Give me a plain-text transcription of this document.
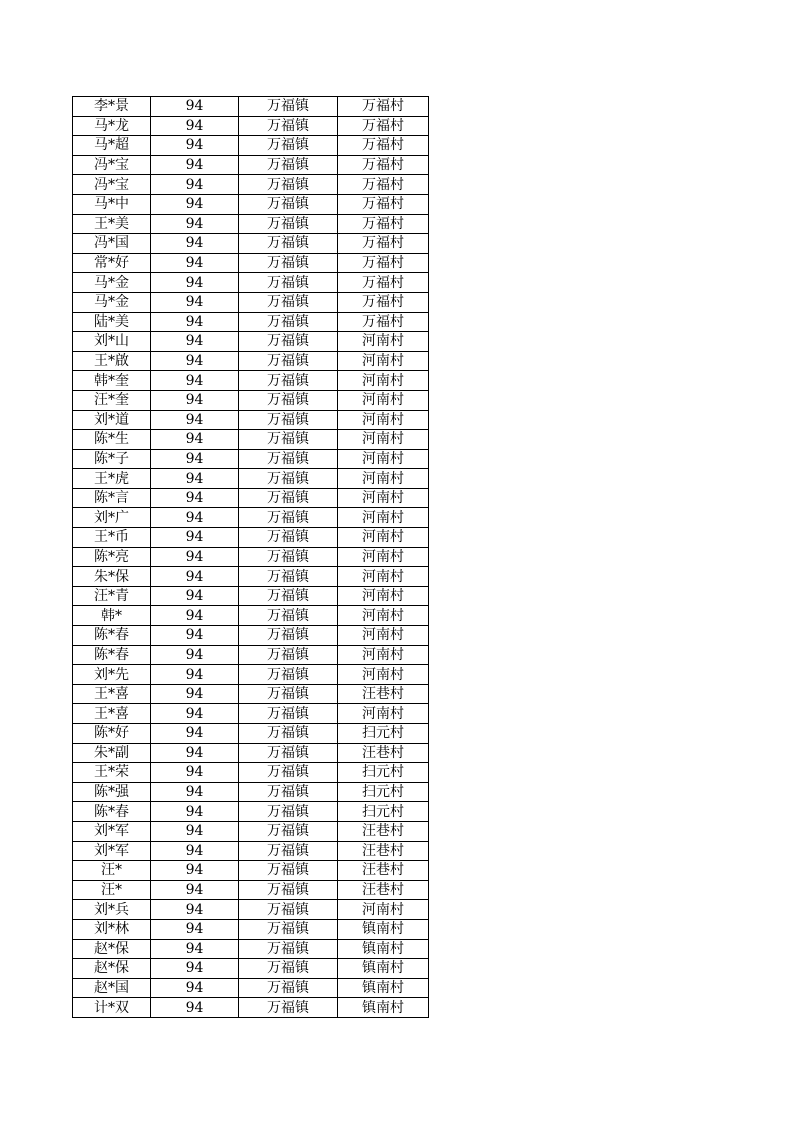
李*景	94	万福镇	万福村
马*龙	94	万福镇	万福村
马*超	94	万福镇	万福村
冯*宝	94	万福镇	万福村
冯*宝	94	万福镇	万福村
马*中	94	万福镇	万福村
王*美	94	万福镇	万福村
冯*国	94	万福镇	万福村
常*好	94	万福镇	万福村
马*金	94	万福镇	万福村
马*金	94	万福镇	万福村
陆*美	94	万福镇	万福村
刘*山	94	万福镇	河南村
王*啟	94	万福镇	河南村
韩*奎	94	万福镇	河南村
汪*奎	94	万福镇	河南村
刘*道	94	万福镇	河南村
陈*生	94	万福镇	河南村
陈*子	94	万福镇	河南村
王*虎	94	万福镇	河南村
陈*言	94	万福镇	河南村
刘*广	94	万福镇	河南村
王*币	94	万福镇	河南村
陈*亮	94	万福镇	河南村
朱*保	94	万福镇	河南村
汪*青	94	万福镇	河南村
韩*	94	万福镇	河南村
陈*春	94	万福镇	河南村
陈*春	94	万福镇	河南村
刘*先	94	万福镇	河南村
王*喜	94	万福镇	汪巷村
王*喜	94	万福镇	河南村
陈*好	94	万福镇	扫元村
朱*副	94	万福镇	汪巷村
王*荣	94	万福镇	扫元村
陈*强	94	万福镇	扫元村
陈*春	94	万福镇	扫元村
刘*军	94	万福镇	汪巷村
刘*军	94	万福镇	汪巷村
汪*	94	万福镇	汪巷村
汪*	94	万福镇	汪巷村
刘*兵	94	万福镇	河南村
刘*林	94	万福镇	镇南村
赵*保	94	万福镇	镇南村
赵*保	94	万福镇	镇南村
赵*国	94	万福镇	镇南村
计*双	94	万福镇	镇南村
